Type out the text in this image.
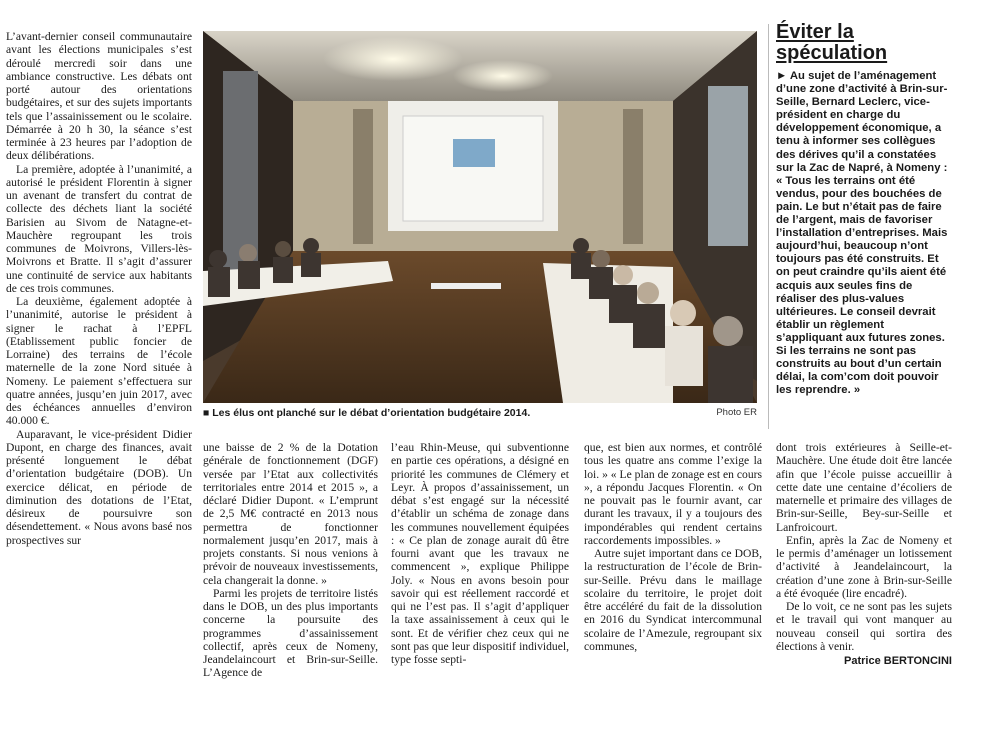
L’avant-dernier conseil communautaire avant les élections municipales s’est déroulé mercredi soir dans une ambiance constructive. Les débats ont porté autour des orientations budgétaires, et sur des sujets importants tels que l’assainissement ou le scolaire. Démarrée à 20 h 30, la séance s’est terminée à 23 heures par l’adoption de deux délibérations.

La première, adoptée à l’unanimité, a autorisé le président Florentin à signer un avenant de transfert du contrat de collecte des déchets liant la société Barisien au Sivom de Natagne-et-Mauchère regroupant les trois communes de Moivrons, Villers-lès-Moivrons et Bratte. Il s’agit d’assurer une continuité de service aux habitants de ces trois communes.

La deuxième, également adoptée à l’unanimité, autorise le président à signer le rachat à l’EPFL (Etablissement public foncier de Lorraine) des terrains de l’école maternelle de la zone Nord située à Nomeny. Le paiement s’effectuera sur quatre années, jusqu’en juin 2017, avec des échéances annuelles d’environ 40.000 €.

Auparavant, le vice-président Didier Dupont, en charge des finances, avait présenté longuement le débat d’orientation budgétaire (DOB). Un exercice délicat, en période de diminution des dotations de l’Etat, désireux de poursuivre son désendettement. « Nous avons basé nos prospectives sur

■ Les élus ont planché sur le débat d’orientation budgétaire 2014.	Photo ER
Éviter la spéculation

► Au sujet de l’aménagement d’une zone d’activité à Brin-sur-Seille, Bernard Leclerc, vice-président en charge du développement économique, a tenu à informer ses collègues des dérives qu’il a constatées sur la Zac de Napré, à Nomeny : « Tous les terrains ont été vendus, pour des bouchées de pain. Le but n’était pas de faire de l’argent, mais de favoriser l’installation d’entreprises. Mais aujourd’hui, beaucoup n’ont toujours pas été construits. Et on peut craindre qu’ils aient été acquis aux seules fins de réaliser des plus-values ultérieures. Le conseil devrait établir un règlement s’appliquant aux futures zones. Si les terrains ne sont pas construits au bout d’un certain délai, la com’com doit pouvoir les reprendre. »

une baisse de 2 % de la Dotation générale de fonctionnement (DGF) versée par l’Etat aux collectivités territoriales entre 2014 et 2015 », a déclaré Didier Dupont. « L’emprunt de 2,5 M€ contracté en 2013 nous permettra de fonctionner normalement jusqu’en 2017, mais à projets constants. Si nous venions à prévoir de nouveaux investissements, cela changerait la donne. »

Parmi les projets de territoire listés dans le DOB, un des plus importants concerne la poursuite des programmes d’assainissement collectif, après ceux de Nomeny, Jeandelaincourt et Brin-sur-Seille. L’Agence de

l’eau Rhin-Meuse, qui subventionne en partie ces opérations, a désigné en priorité les communes de Clémery et Leyr. À propos d’assainissement, un débat s’est engagé sur la nécessité d’établir un schéma de zonage dans les communes nouvellement équipées : « Ce plan de zonage aurait dû être fourni avant que les travaux ne commencent », explique Philippe Joly. « Nous en avons besoin pour savoir qui est réellement raccordé et qui ne l’est pas. Il s’agit d’appliquer la taxe assainissement à ceux qui le sont. Et de vérifier chez ceux qui ne sont pas que leur dispositif individuel, type fosse septi-

que, est bien aux normes, et contrôlé tous les quatre ans comme l’exige la loi. » « Le plan de zonage est en cours », a répondu Jacques Florentin. « On ne pouvait pas le fournir avant, car durant les travaux, il y a toujours des impondérables qui rendent certains raccordements impossibles. »

Autre sujet important dans ce DOB, la restructuration de l’école de Brin-sur-Seille. Prévu dans le maillage scolaire du territoire, le projet doit être accéléré du fait de la dissolution en 2016 du Syndicat intercommunal scolaire de l’Amezule, regroupant six communes,

dont trois extérieures à Seille-et-Mauchère. Une étude doit être lancée afin que l’école puisse accueillir à cette date une centaine d’écoliers de maternelle et primaire des villages de Brin-sur-Seille, Bey-sur-Seille et Lanfroicourt.

Enfin, après la Zac de Nomeny et le permis d’aménager un lotissement d’activité à Jeandelaincourt, la création d’une zone à Brin-sur-Seille a été évoquée (lire encadré).

De lo voit, ce ne sont pas les sujets et le travail qui vont manquer au nouveau conseil qui sortira des élections à venir.

Patrice BERTONCINI
